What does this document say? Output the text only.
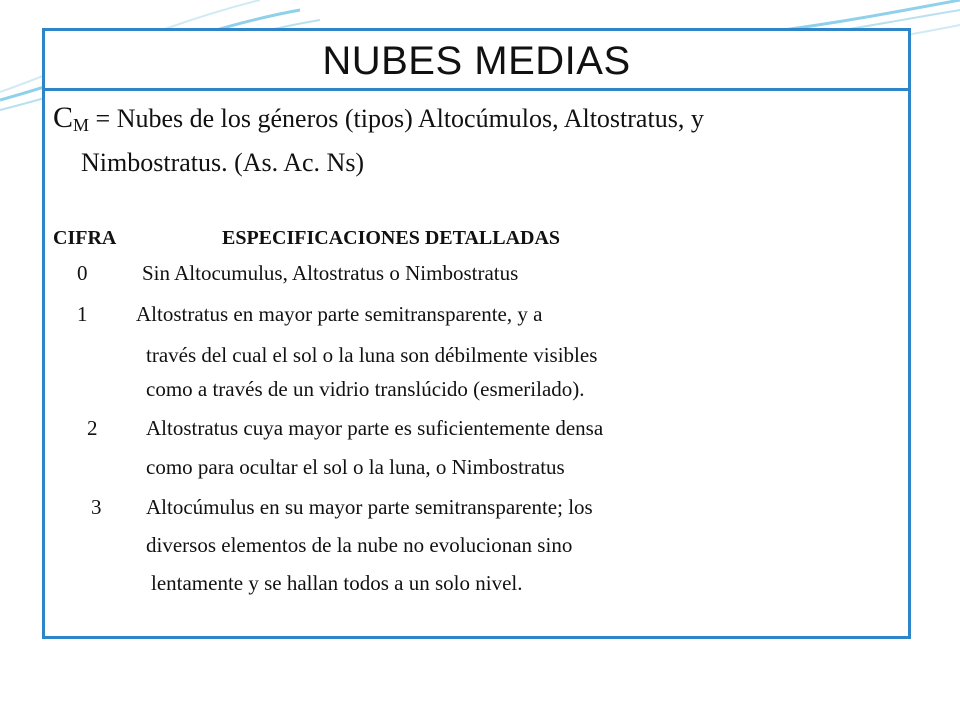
NUBES MEDIAS
$C_M$ = Nubes de los géneros (tipos) Altocúmulos, Altostratus, y
Nimbostratus. (As. Ac. Ns)
CIFRA	ESPECIFICACIONES DETALLADAS
0	Sin Altocumulus, Altostratus o Nimbostratus
1 Altostratus en mayor parte semitransparente, y a
través del cual el sol o la luna son débilmente visibles
como a través de un vidrio translúcido (esmerilado).
2 Altostratus cuya mayor parte es suficientemente densa
como para ocultar el sol o la luna, o Nimbostratus
3 Altocúmulus en su mayor parte semitransparente; los
diversos elementos de la nube no evolucionan sino
lentamente y se hallan todos a un solo nivel.
